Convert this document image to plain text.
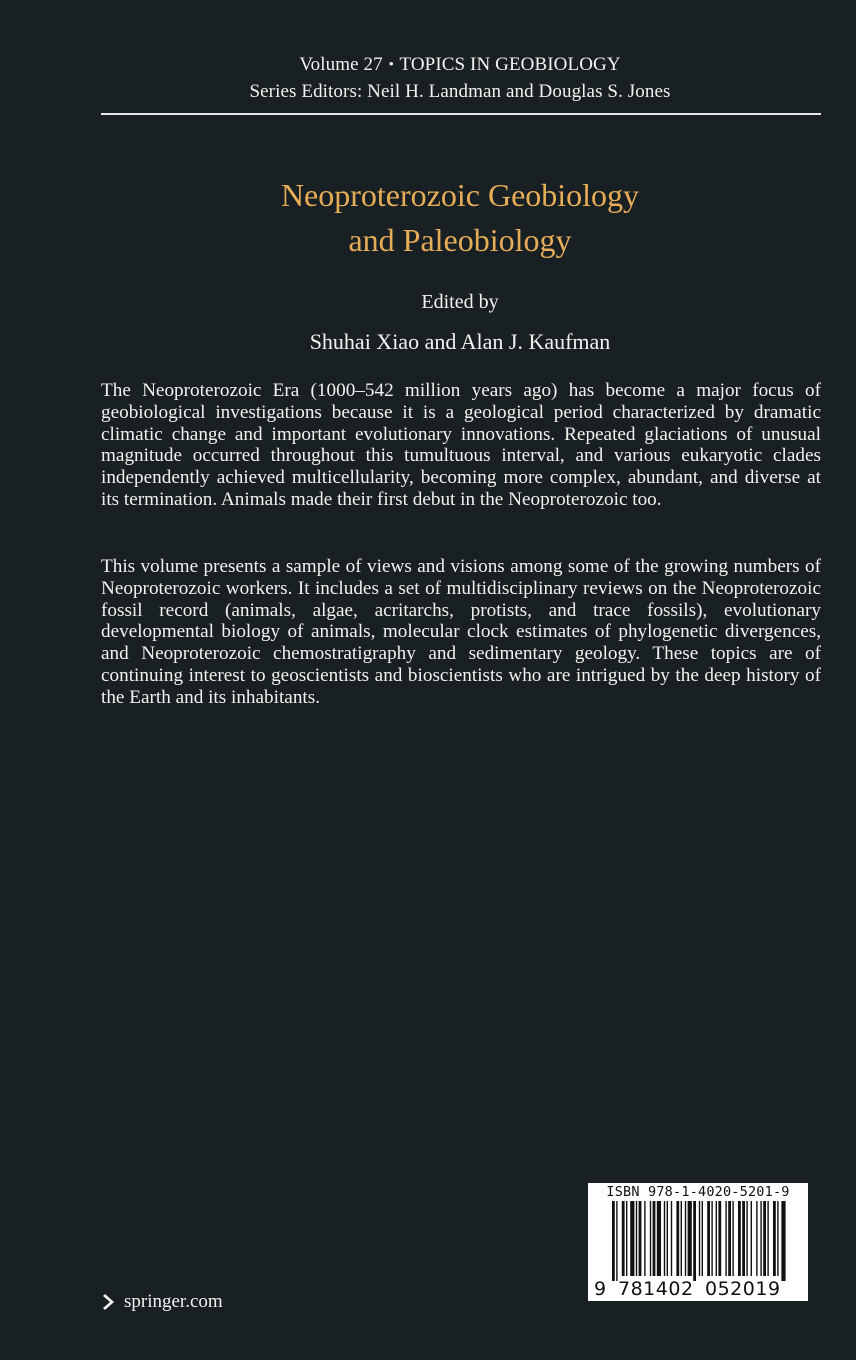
Volume 27 • TOPICS IN GEOBIOLOGY
Series Editors: Neil H. Landman and Douglas S. Jones
Neoproterozoic Geobiology
and Paleobiology
Edited by
Shuhai Xiao and Alan J. Kaufman

The Neoproterozoic Era (1000–542 million years ago) has become a major focus of geobiological investigations because it is a geological period characterized by dramatic climatic change and important evolutionary innovations. Repeated glaciations of unusual magnitude occurred throughout this tumultuous interval, and various eukaryotic clades independently achieved multicellularity, becoming more complex, abundant, and diverse at its termination. Animals made their first debut in the Neoproterozoic too.

This volume presents a sample of views and visions among some of the growing numbers of Neoproterozoic workers. It includes a set of multidisciplinary reviews on the Neoproterozoic fossil record (animals, algae, acritarchs, protists, and trace fossils), evolutionary developmental biology of animals, molecular clock estimates of phylogenetic divergences, and Neoproterozoic chemostratigraphy and sedimentary geology. These topics are of continuing interest to geoscientists and bioscientists who are intrigued by the deep history of the Earth and its inhabitants.

ISBN 978-1-4020-5201-9
9 781402 052019
springer.com
